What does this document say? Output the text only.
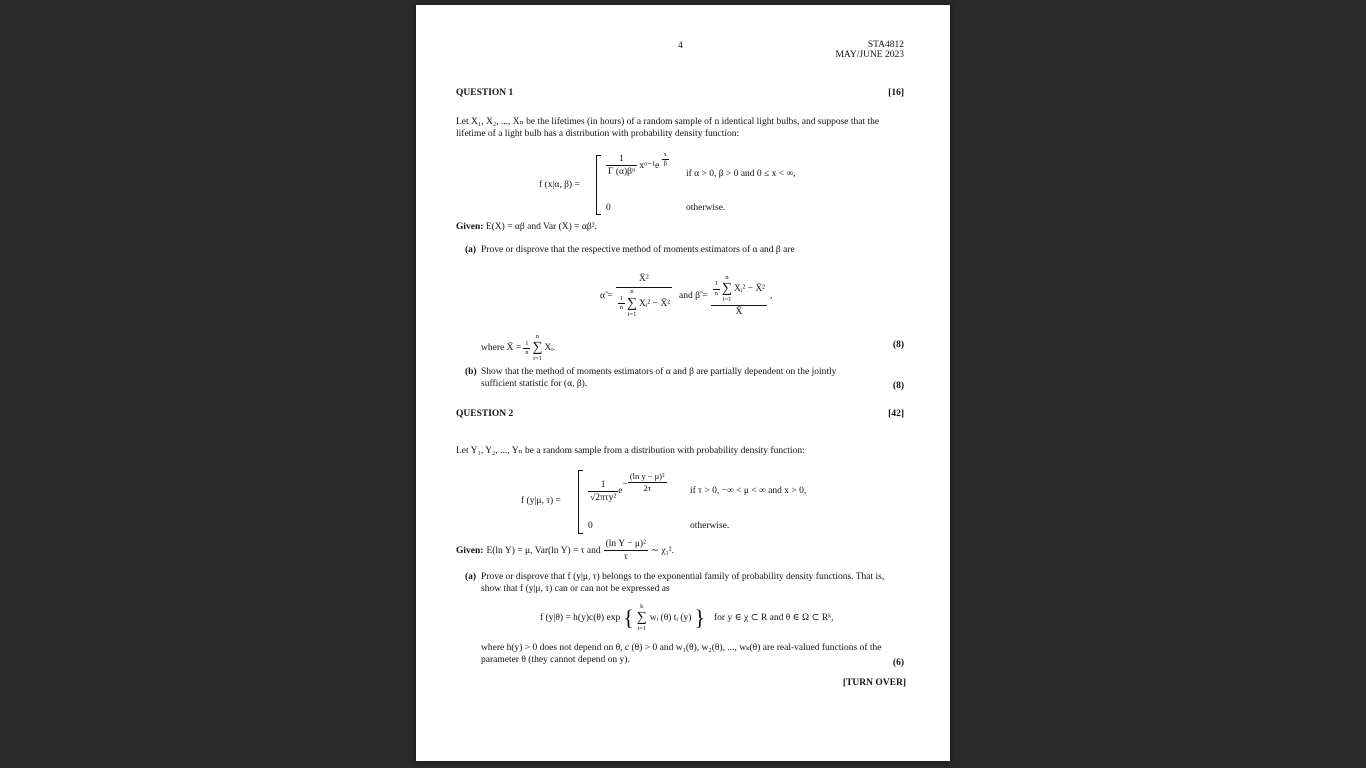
4	STA4812
MAY/JUNE 2023
QUESTION 1	[16]
Let X₁, X₂, ..., Xₙ be the lifetimes (in hours) of a random sample of n identical light bulbs, and suppose that the lifetime of a light bulb has a distribution with probability density function:
f (x|α, β) =
$\frac{1}{\text{Γ (α)βᵅ}}$ xᵅ⁻¹e $\frac{x}{\beta}$
if α > 0, β > 0 and 0 ≤ x < ∞,
0	otherwise.
Given: E(X) = αβ and Var (X) = αβ².
(a) Prove or disprove that the respective method of moments estimators of α and β are
α̃ =
X̄²
$\frac{1}{n}$
n
∑
i=1
Xᵢ² − X̄²
and β̃ = $\frac{1}{n}$
n
∑
i=1
Xᵢ² − X̄²
X̄
,
where X̄ = $\frac{1}{n}$
n
∑
i=1
Xᵢ.	(8)
(b) Show that the method of moments estimators of α and β are partially dependent on the jointly sufficient statistic for (α, β).	(8)
QUESTION 2	[42]
Let Y₁, Y₂, ..., Yₙ be a random sample from a distribution with probability density function:
f (y|μ, τ) =	$\frac{1}{\text{√2πτy²}}$ e
− $\frac{\text{(ln y − μ)²}}{2\tau}$ if τ > 0, −∞ < μ < ∞ and x > 0,
0	otherwise.
Given: E(ln Y) = μ, Var(ln Y) = τ and $\frac{\text{(ln Y − μ)²}}{\tau}$ ∼ χ₁².
(a) Prove or disprove that f (y|μ, τ) belongs to the exponential family of probability density functions. That is, show that f (y|μ, τ) can or can not be expressed as
f (y|θ) = h(y)c(θ) exp { k
∑
i=1
wᵢ (θ) tᵢ (y) } for y ∈ χ ⊂ R and θ ∈ Ω ⊂ Rᵏ,
where h(y) > 0 does not depend on θ, c (θ) > 0 and w₁(θ), w₂(θ), ..., wₖ(θ) are real-valued functions of the parameter θ (they cannot depend on y).	(6)
[TURN OVER]
